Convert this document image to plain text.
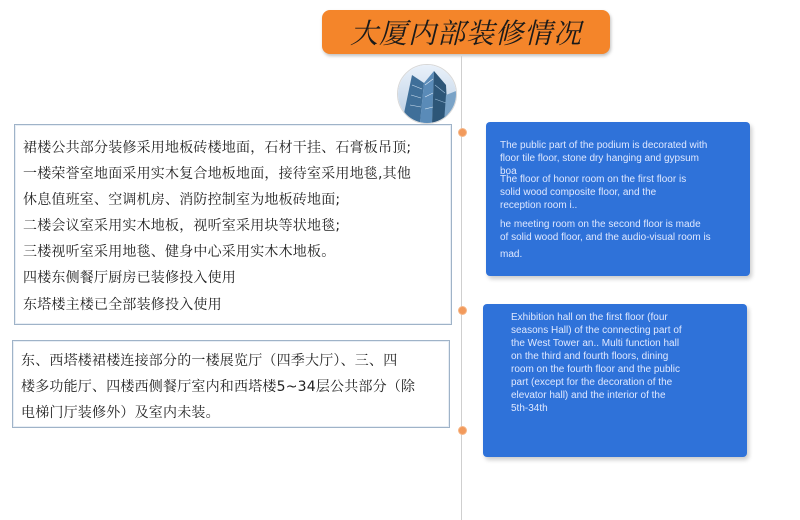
大厦内部装修情况
裙楼公共部分装修采用地板砖楼地面，石材干挂、石膏板吊顶;
一楼荣誉室地面采用实木复合地板地面，接待室采用地毯,其他
休息值班室、空调机房、消防控制室为地板砖地面;
二楼会议室采用实木地板，视听室采用块等状地毯;
三楼视听室采用地毯、健身中心采用实木木地板。
四楼东侧餐厅厨房已装修投入使用
东塔楼主楼已全部装修投入使用
东、西塔楼裙楼连接部分的一楼展览厅（四季大厅）、三、四
楼多功能厅、四楼西侧餐厅室内和西塔楼5~34层公共部分（除
电梯门厅装修外）及室内未装。
The public part of the podium is decorated with
floor tile floor, stone dry hanging and gypsum
boa
The floor of honor room on the first floor is
solid wood composite floor, and the
reception room i..
he meeting room on the second floor is made
of solid wood floor, and the audio-visual room is
mad.
Exhibition hall on the first floor (four
seasons Hall) of the connecting part of
the West Tower an.. Multi function hall
on the third and fourth floors, dining
room on the fourth floor and the public
part (except for the decoration of the
elevator hall) and the interior of the
5th-34th
